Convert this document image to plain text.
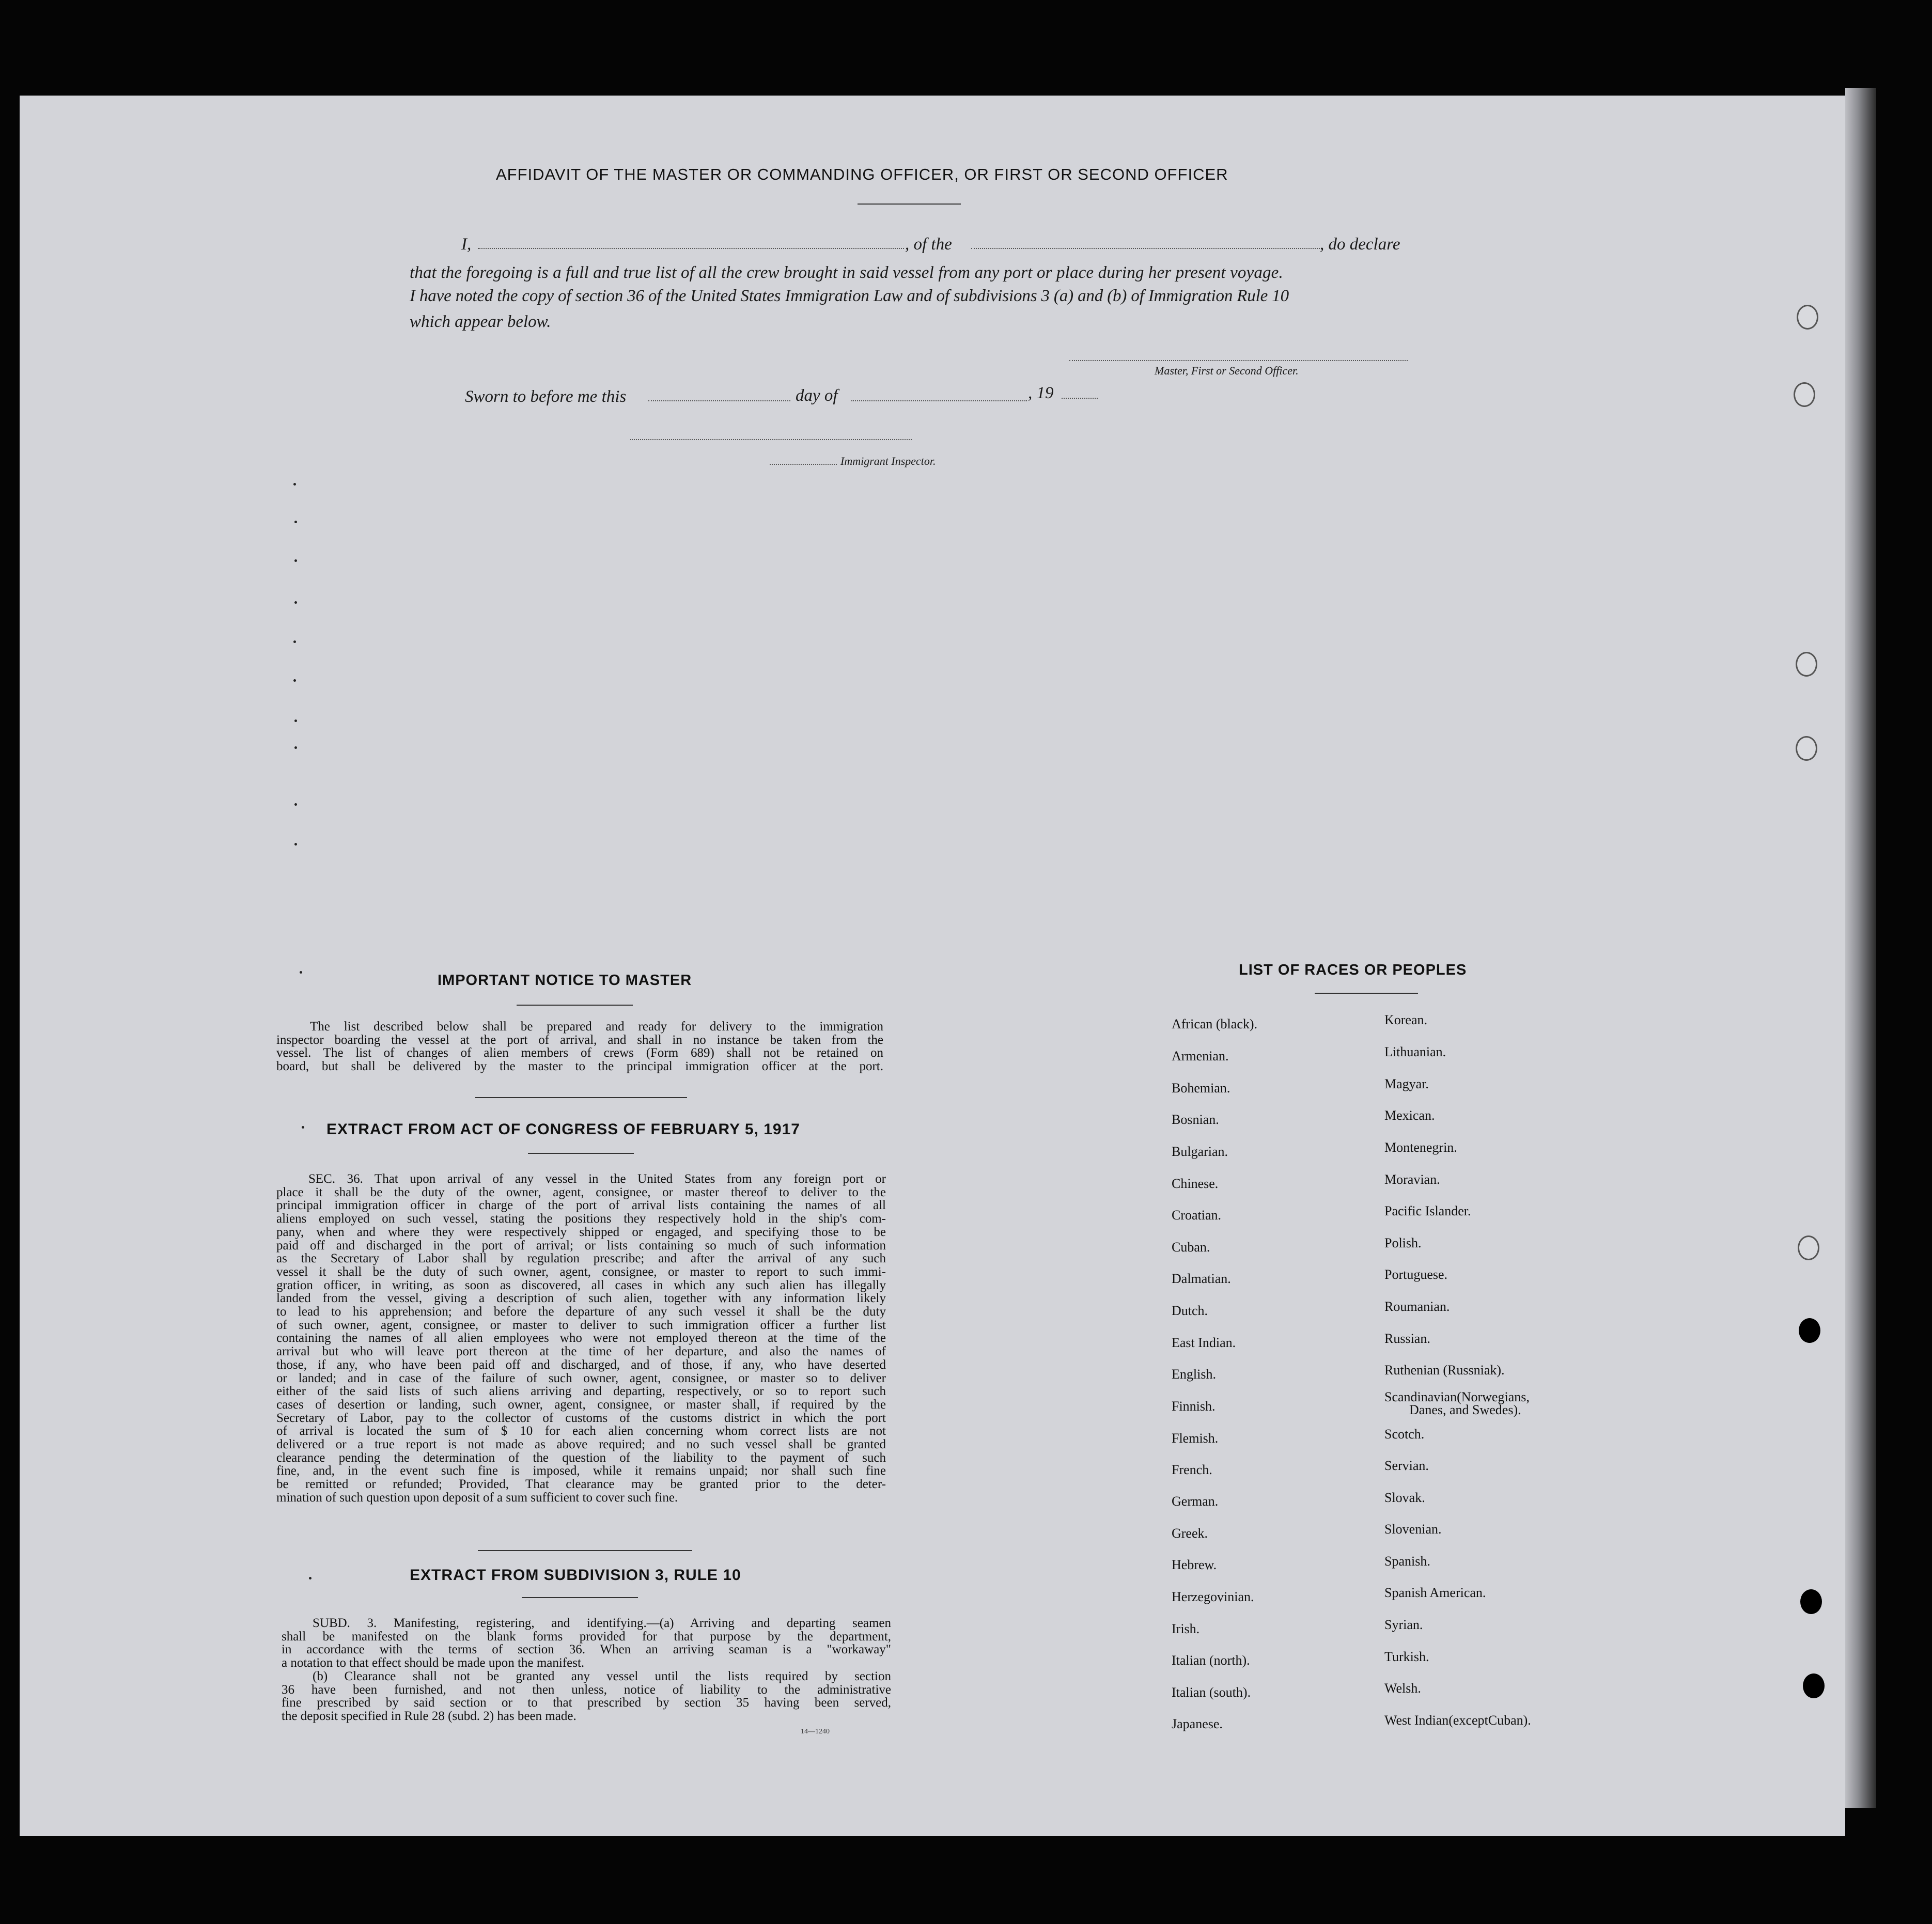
AFFIDAVIT OF THE MASTER OR COMMANDING OFFICER, OR FIRST OR SECOND OFFICER
I,	, of the	, do declare
that the foregoing is a full and true list of all the crew brought in said vessel from any port or place during her present voyage.
I have noted the copy of section 36 of the United States Immigration Law and of subdivisions 3 (a) and (b) of Immigration Rule 10
which appear below.
Master, First or Second Officer.
Sworn to before me this	day of	, 19
Immigrant Inspector.
IMPORTANT NOTICE TO MASTER

The list described below shall be prepared and ready for delivery to the immigration

inspector boarding the vessel at the port of arrival, and shall in no instance be taken from the

vessel. The list of changes of alien members of crews (Form 689) shall not be retained on

board, but shall be delivered by the master to the principal immigration officer at the port.

EXTRACT FROM ACT OF CONGRESS OF FEBRUARY 5, 1917

SEC. 36. That upon arrival of any vessel in the United States from any foreign port or

place it shall be the duty of the owner, agent, consignee, or master thereof to deliver to the

principal immigration officer in charge of the port of arrival lists containing the names of all

aliens employed on such vessel, stating the positions they respectively hold in the ship's com-

pany, when and where they were respectively shipped or engaged, and specifying those to be

paid off and discharged in the port of arrival; or lists containing so much of such information

as the Secretary of Labor shall by regulation prescribe; and after the arrival of any such

vessel it shall be the duty of such owner, agent, consignee, or master to report to such immi-

gration officer, in writing, as soon as discovered, all cases in which any such alien has illegally

landed from the vessel, giving a description of such alien, together with any information likely

to lead to his apprehension; and before the departure of any such vessel it shall be the duty

of such owner, agent, consignee, or master to deliver to such immigration officer a further list

containing the names of all alien employees who were not employed thereon at the time of the

arrival but who will leave port thereon at the time of her departure, and also the names of

those, if any, who have been paid off and discharged, and of those, if any, who have deserted

or landed; and in case of the failure of such owner, agent, consignee, or master so to deliver

either of the said lists of such aliens arriving and departing, respectively, or so to report such

cases of desertion or landing, such owner, agent, consignee, or master shall, if required by the

Secretary of Labor, pay to the collector of customs of the customs district in which the port

of arrival is located the sum of $ 10 for each alien concerning whom correct lists are not

delivered or a true report is not made as above required; and no such vessel shall be granted

clearance pending the determination of the question of the liability to the payment of such

fine, and, in the event such fine is imposed, while it remains unpaid; nor shall such fine

be remitted or refunded; Provided, That clearance may be granted prior to the deter-

mination of such question upon deposit of a sum sufficient to cover such fine.

EXTRACT FROM SUBDIVISION 3, RULE 10

SUBD. 3. Manifesting, registering, and identifying.—(a) Arriving and departing seamen

shall be manifested on the blank forms provided for that purpose by the department,

in accordance with the terms of section 36. When an arriving seaman is a "workaway"

a notation to that effect should be made upon the manifest.

(b) Clearance shall not be granted any vessel until the lists required by section

36 have been furnished, and not then unless, notice of liability to the administrative

fine prescribed by said section or to that prescribed by section 35 having been served,

the deposit specified in Rule 28 (subd. 2) has been made.

14—1240
LIST OF RACES OR PEOPLES
African (black).
Armenian.
Bohemian.
Bosnian.
Bulgarian.
Chinese.
Croatian.
Cuban.
Dalmatian.
Dutch.
East Indian.
English.
Finnish.
Flemish.
French.
German.
Greek.
Hebrew.
Herzegovinian.
Irish.
Italian (north).
Italian (south).
Japanese.
Korean.
Lithuanian.
Magyar.
Mexican.
Montenegrin.
Moravian.
Pacific Islander.
Polish.
Portuguese.
Roumanian.
Russian.
Ruthenian (Russniak).
Scandinavian(Norwegians,
Scotch.
Servian.
Slovak.
Slovenian.
Spanish.
Spanish American.
Syrian.
Turkish.
Welsh.
West Indian(exceptCuban).
Danes, and Swedes).
